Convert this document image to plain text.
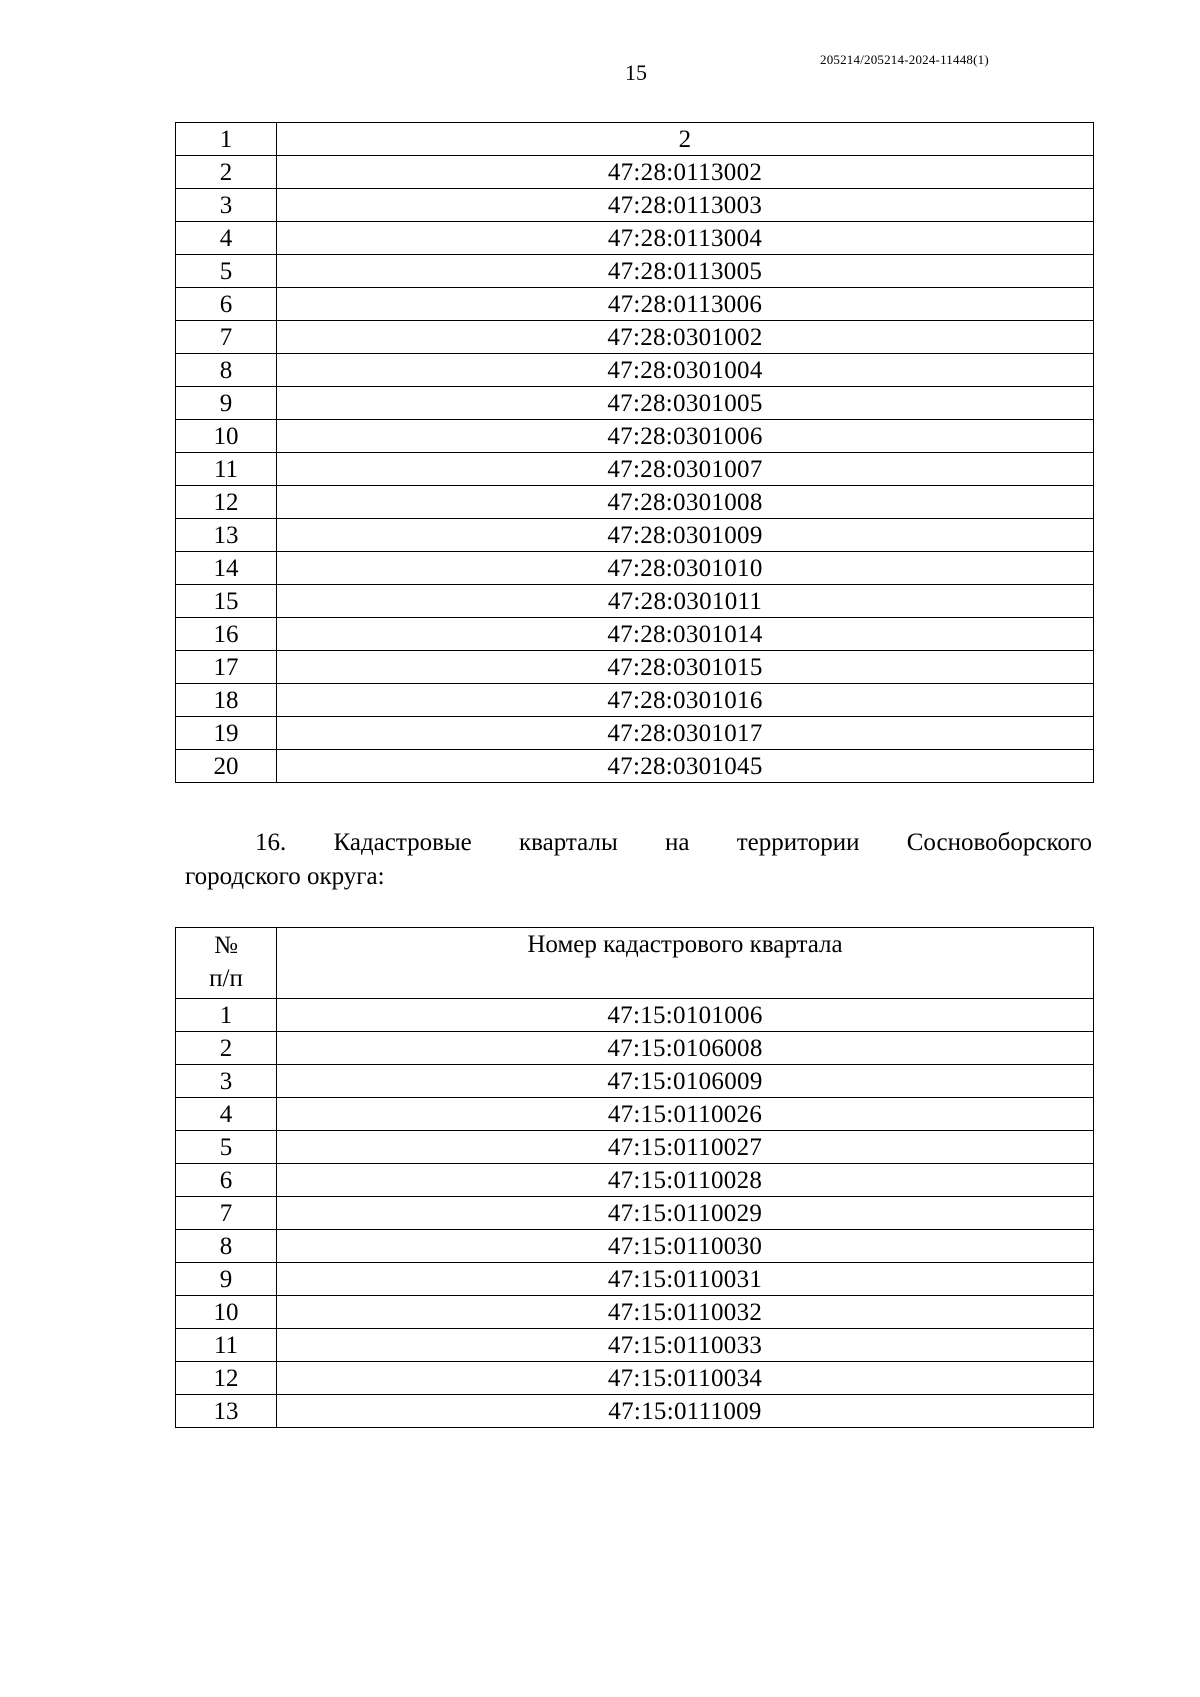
15
205214/205214-2024-11448(1)
1	2
2	47:28:0113002
3	47:28:0113003
4	47:28:0113004
5	47:28:0113005
6	47:28:0113006
7	47:28:0301002
8	47:28:0301004
9	47:28:0301005
10	47:28:0301006
11	47:28:0301007
12	47:28:0301008
13	47:28:0301009
14	47:28:0301010
15	47:28:0301011
16	47:28:0301014
17	47:28:0301015
18	47:28:0301016
19	47:28:0301017
20	47:28:0301045
16. Кадастровые кварталы на территории Сосновоборского
городского округа:
№
п/п	Номер кадастрового квартала
1	47:15:0101006
2	47:15:0106008
3	47:15:0106009
4	47:15:0110026
5	47:15:0110027
6	47:15:0110028
7	47:15:0110029
8	47:15:0110030
9	47:15:0110031
10	47:15:0110032
11	47:15:0110033
12	47:15:0110034
13	47:15:0111009
